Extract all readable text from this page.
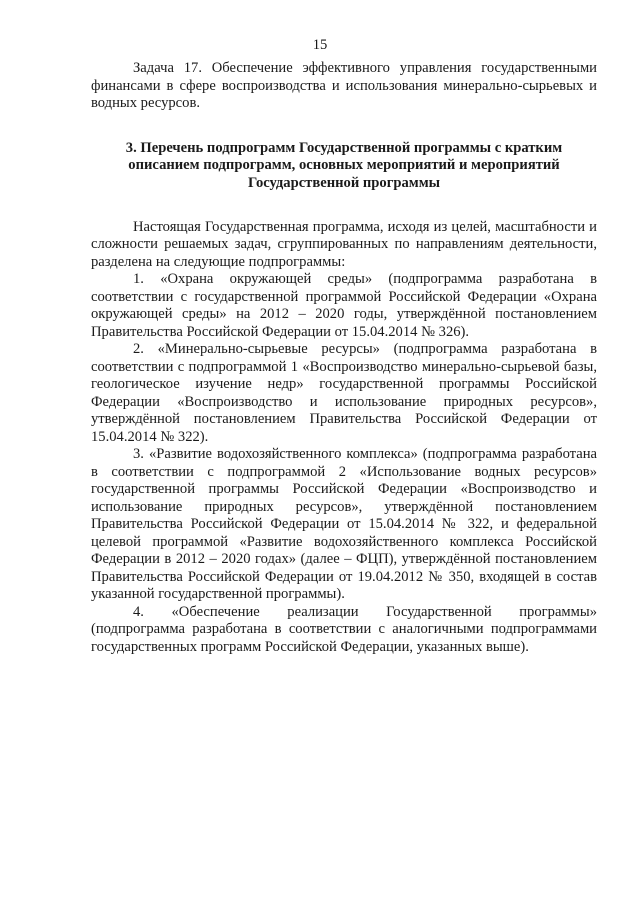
15

Задача 17. Обеспечение эффективного управления государственными финансами в сфере воспроизводства и использования минерально-сырьевых и водных ресурсов.

3. Перечень подпрограмм Государственной программы с кратким описанием подпрограмм, основных мероприятий и мероприятий Государственной программы

Настоящая Государственная программа, исходя из целей, масштабности и сложности решаемых задач, сгруппированных по направлениям деятельности, разделена на следующие подпрограммы:

1. «Охрана окружающей среды» (подпрограмма разработана в соответствии с государственной программой Российской Федерации «Охрана окружающей среды» на 2012 – 2020 годы, утверждённой постановлением Правительства Российской Федерации от 15.04.2014 № 326).

2. «Минерально-сырьевые ресурсы» (подпрограмма разработана в соответствии с подпрограммой 1 «Воспроизводство минерально-сырьевой базы, геологическое изучение недр» государственной программы Российской Федерации «Воспроизводство и использование природных ресурсов», утверждённой постановлением Правительства Российской Федерации от 15.04.2014 № 322).

3. «Развитие водохозяйственного комплекса» (подпрограмма разработана в соответствии с подпрограммой 2 «Использование водных ресурсов» государственной программы Российской Федерации «Воспроизводство и использование природных ресурсов», утверждённой постановлением Правительства Российской Федерации от 15.04.2014 № 322, и федеральной целевой программой «Развитие водохозяйственного комплекса Российской Федерации в 2012 – 2020 годах» (далее – ФЦП), утверждённой постановлением Правительства Российской Федерации от 19.04.2012 № 350, входящей в состав указанной государственной программы).

4. «Обеспечение реализации Государственной программы» (подпрограмма разработана в соответствии с аналогичными подпрограммами государственных программ Российской Федерации, указанных выше).
